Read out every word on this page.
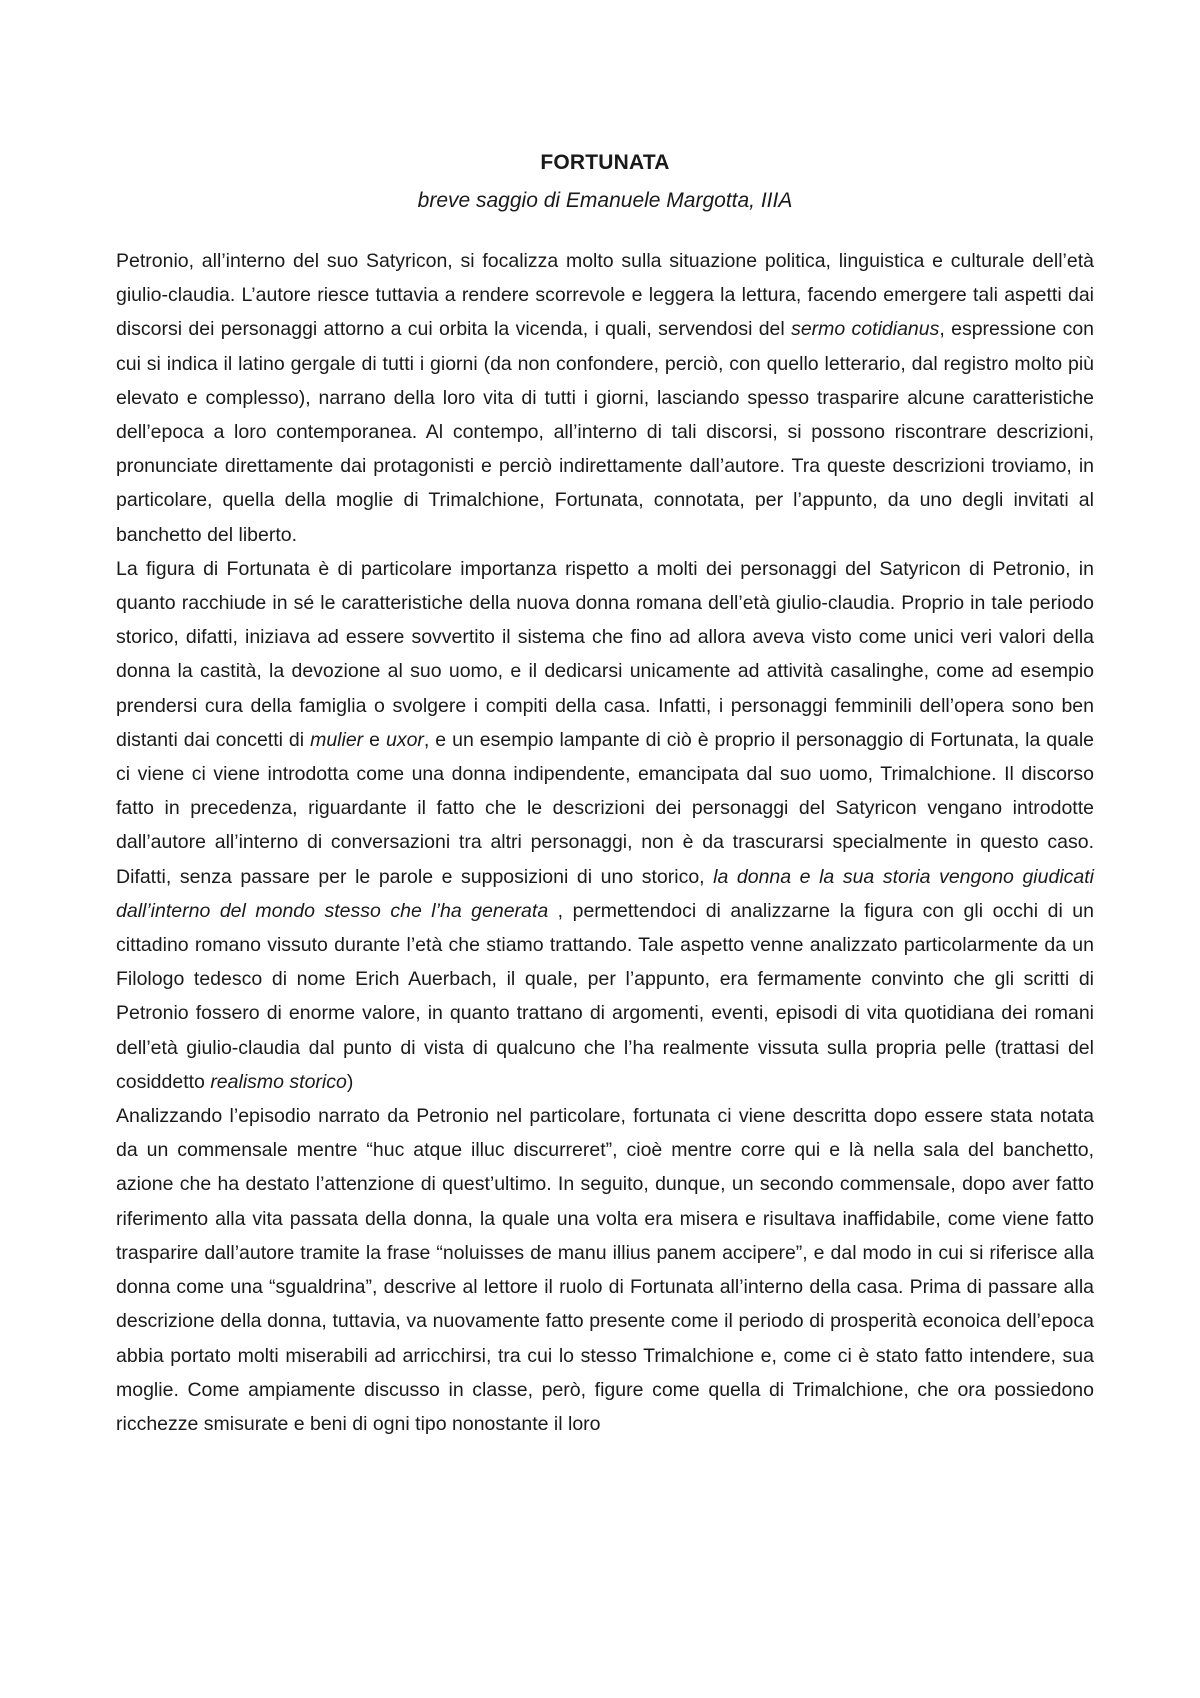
FORTUNATA
breve saggio di Emanuele Margotta, IIIA

Petronio, all’interno del suo Satyricon, si focalizza molto sulla situazione politica, linguistica e culturale dell’età giulio-claudia. L’autore riesce tuttavia a rendere scorrevole e leggera la lettura, facendo emergere tali aspetti dai discorsi dei personaggi attorno a cui orbita la vicenda, i quali, servendosi del sermo cotidianus, espressione con cui si indica il latino gergale di tutti i giorni (da non confondere, perciò, con quello letterario, dal registro molto più elevato e complesso), narrano della loro vita di tutti i giorni, lasciando spesso trasparire alcune caratteristiche dell’epoca a loro contemporanea. Al contempo, all’interno di tali discorsi, si possono riscontrare descrizioni, pronunciate direttamente dai protagonisti e perciò indirettamente dall’autore. Tra queste descrizioni troviamo, in particolare, quella della moglie di Trimalchione, Fortunata, connotata, per l’appunto, da uno degli invitati al banchetto del liberto.

La figura di Fortunata è di particolare importanza rispetto a molti dei personaggi del Satyricon di Petronio, in quanto racchiude in sé le caratteristiche della nuova donna romana dell’età giulio-claudia. Proprio in tale periodo storico, difatti, iniziava ad essere sovvertito il sistema che fino ad allora aveva visto come unici veri valori della donna la castità, la devozione al suo uomo, e il dedicarsi unicamente ad attività casalinghe, come ad esempio prendersi cura della famiglia o svolgere i compiti della casa. Infatti, i personaggi femminili dell’opera sono ben distanti dai concetti di mulier e uxor, e un esempio lampante di ciò è proprio il personaggio di Fortunata, la quale ci viene ci viene introdotta come una donna indipendente, emancipata dal suo uomo, Trimalchione. Il discorso fatto in precedenza, riguardante il fatto che le descrizioni dei personaggi del Satyricon vengano introdotte dall’autore all’interno di conversazioni tra altri personaggi, non è da trascurarsi specialmente in questo caso. Difatti, senza passare per le parole e supposizioni di uno storico, la donna e la sua storia vengono giudicati dall’interno del mondo stesso che l’ha generata , permettendoci di analizzarne la figura con gli occhi di un cittadino romano vissuto durante l’età che stiamo trattando. Tale aspetto venne analizzato particolarmente da un Filologo tedesco di nome Erich Auerbach, il quale, per l’appunto, era fermamente convinto che gli scritti di Petronio fossero di enorme valore, in quanto trattano di argomenti, eventi, episodi di vita quotidiana dei romani dell’età giulio-claudia dal punto di vista di qualcuno che l’ha realmente vissuta sulla propria pelle (trattasi del cosiddetto realismo storico)

Analizzando l’episodio narrato da Petronio nel particolare, fortunata ci viene descritta dopo essere stata notata da un commensale mentre “huc atque illuc discurreret”, cioè mentre corre qui e là nella sala del banchetto, azione che ha destato l’attenzione di quest’ultimo. In seguito, dunque, un secondo commensale, dopo aver fatto riferimento alla vita passata della donna, la quale una volta era misera e risultava inaffidabile, come viene fatto trasparire dall’autore tramite la frase “noluisses de manu illius panem accipere”, e dal modo in cui si riferisce alla donna come una “sgualdrina”, descrive al lettore il ruolo di Fortunata all’interno della casa. Prima di passare alla descrizione della donna, tuttavia, va nuovamente fatto presente come il periodo di prosperità econoica dell’epoca abbia portato molti miserabili ad arricchirsi, tra cui lo stesso Trimalchione e, come ci è stato fatto intendere, sua moglie. Come ampiamente discusso in classe, però, figure come quella di Trimalchione, che ora possiedono ricchezze smisurate e beni di ogni tipo nonostante il loro
